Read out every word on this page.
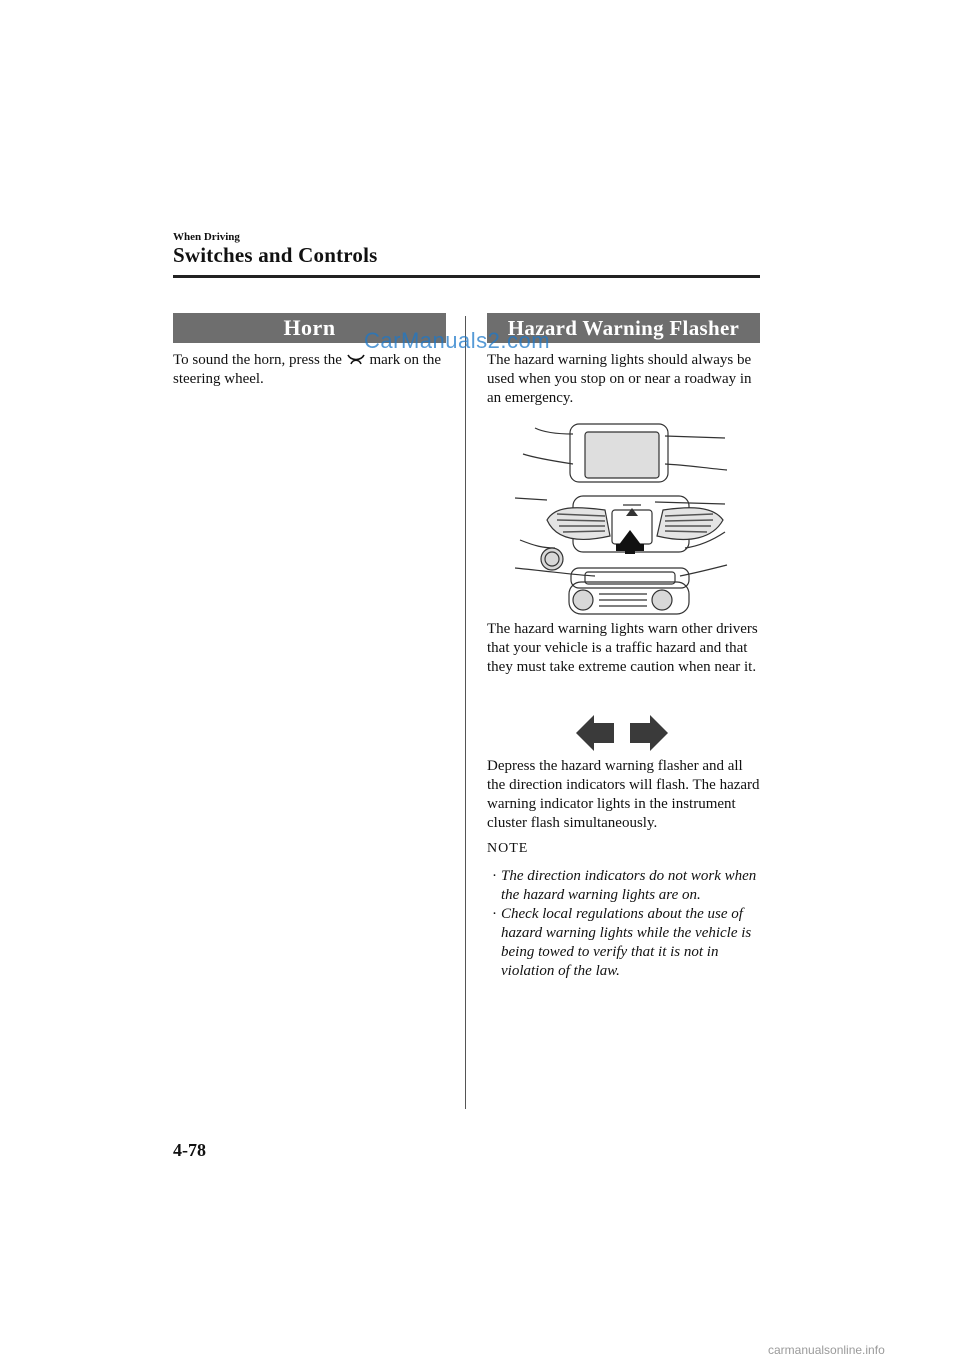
When Driving
Switches and Controls
Horn
To sound the horn, press the mark on the steering wheel.
Hazard Warning Flasher
The hazard warning lights should always be used when you stop on or near a roadway in an emergency.
The hazard warning lights warn other drivers that your vehicle is a traffic hazard and that they must take extreme caution when near it.
Depress the hazard warning flasher and all the direction indicators will flash. The hazard warning indicator lights in the instrument cluster flash simultaneously.
NOTE
· The direction indicators do not work when the hazard warning lights are on.
· Check local regulations about the use of hazard warning lights while the vehicle is being towed to verify that it is not in violation of the law.
CarManuals2.com
4-78
carmanualsonline.info
